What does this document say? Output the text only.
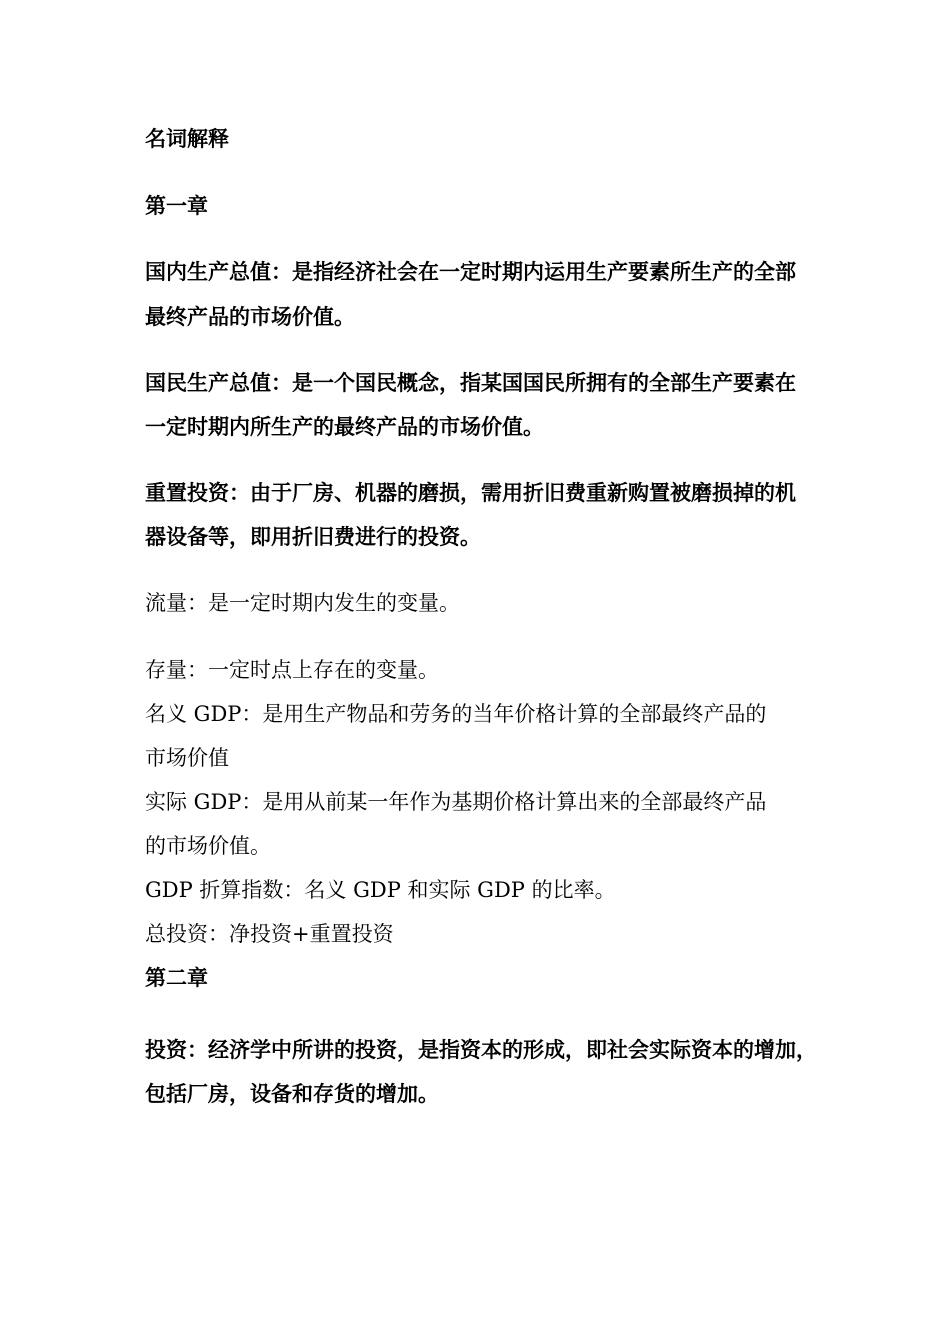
名词解释
第一章
国内生产总值：是指经济社会在一定时期内运用生产要素所生产的全 部
最终产品的市场价值。
国民生产总值：是一个国民概念，指某国国民所拥有的全部生产要素 在
一定时期内所生产的最终产品的市场价值。
重置投资：由于厂房、机器的磨损，需用折旧费重新购置被磨损掉的 机
器设备等，即用折旧费进行的投资。
流量：是一定时期内发生的变量。
存量：一定时点上存在的变量。
名义 GDP：是用生产物品和劳务的当年价格计算的全部最终产品的
市场价值
实际 GDP：是用从前某一年作为基期价格计算出来的全部最终产品
的市场价值。
GDP 折算指数：名义 GDP 和实际 GDP 的比率。
总投资：净投资+重置投资
第二章
投资：经济学中所讲的投资，是指资本的形成，即社会实际资本的增 加，
包括厂房，设备和存货的增加。
